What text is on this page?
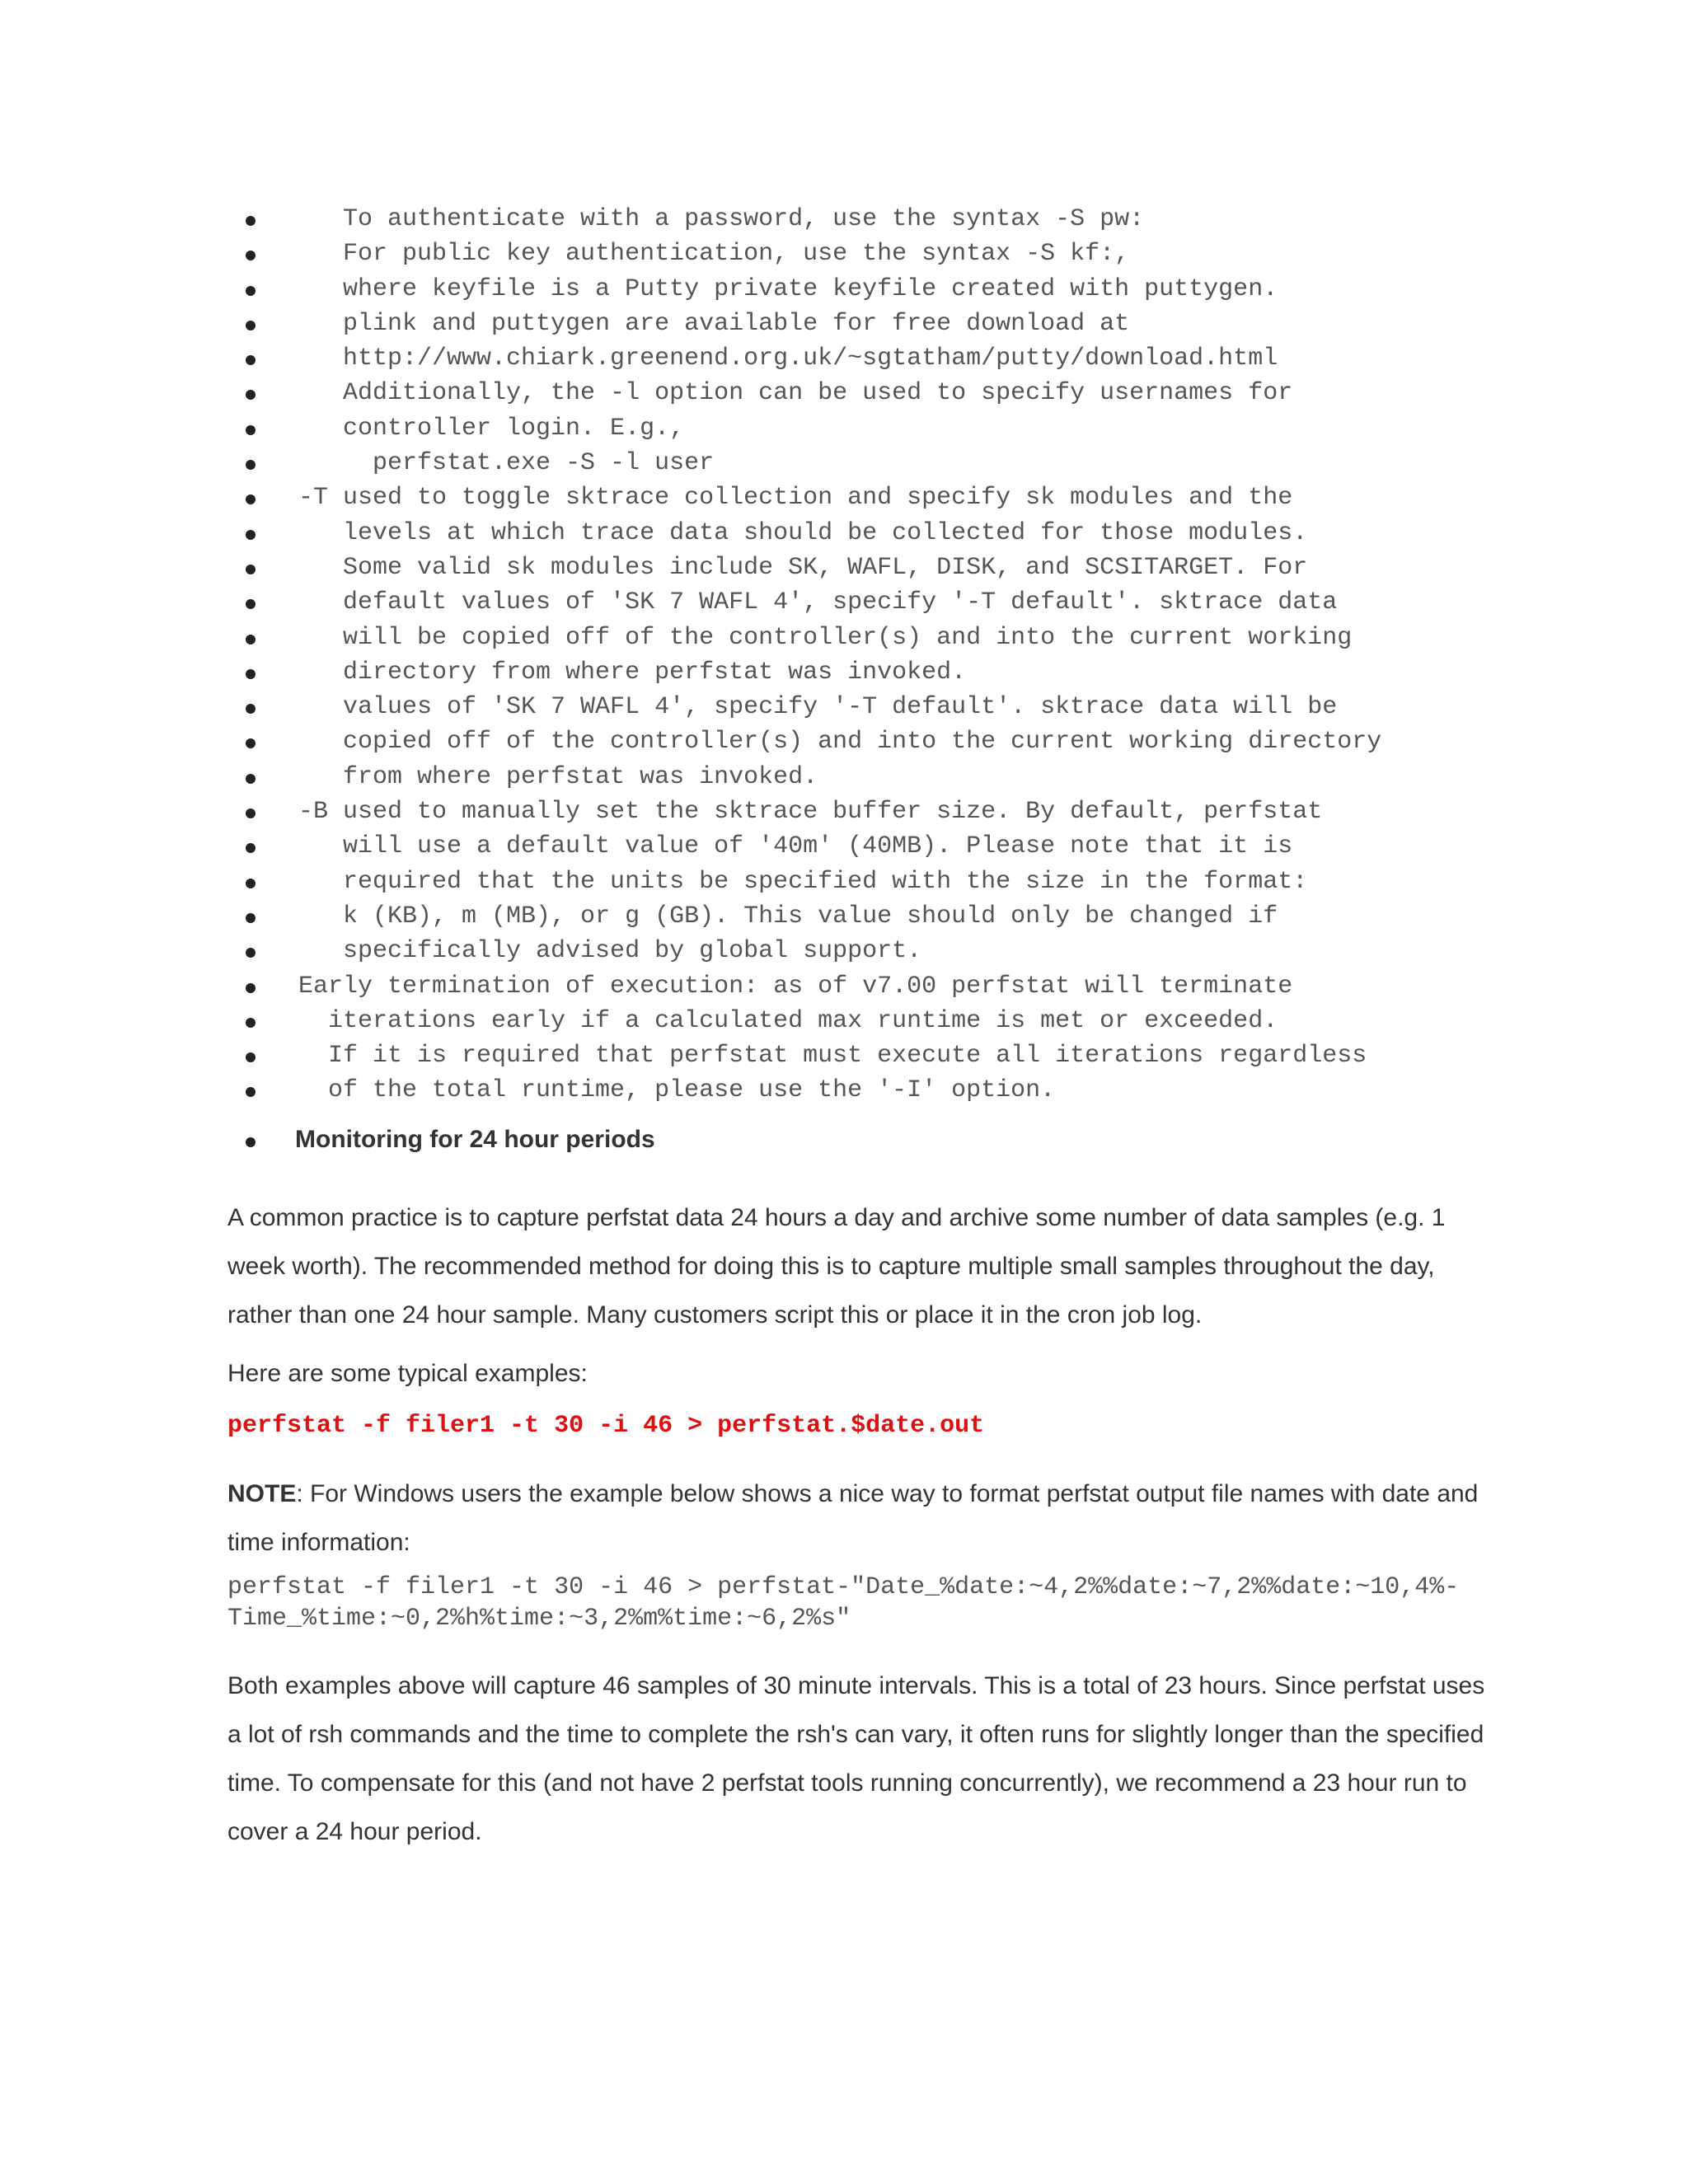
To authenticate with a password, use the syntax -S pw:
For public key authentication, use the syntax -S kf:,
where keyfile is a Putty private keyfile created with puttygen.
plink and puttygen are available for free download at
http://www.chiark.greenend.org.uk/~sgtatham/putty/download.html
Additionally, the -l option can be used to specify usernames for
controller login. E.g.,
perfstat.exe -S -l user
-T used to toggle sktrace collection and specify sk modules and the
levels at which trace data should be collected for those modules.
Some valid sk modules include SK, WAFL, DISK, and SCSITARGET. For
default values of 'SK 7 WAFL 4', specify '-T default'. sktrace data
will be copied off of the controller(s) and into the current working
directory from where perfstat was invoked.
values of 'SK 7 WAFL 4', specify '-T default'. sktrace data will be
copied off of the controller(s) and into the current working directory
from where perfstat was invoked.
-B used to manually set the sktrace buffer size. By default, perfstat
will use a default value of '40m' (40MB). Please note that it is
required that the units be specified with the size in the format:
k (KB), m (MB), or g (GB). This value should only be changed if
specifically advised by global support.
Early termination of execution: as of v7.00 perfstat will terminate
iterations early if a calculated max runtime is met or exceeded.
If it is required that perfstat must execute all iterations regardless
of the total runtime, please use the '-I' option.
Monitoring for 24 hour periods

A common practice is to capture perfstat data 24 hours a day and archive some number of data samples (e.g. 1 week worth). The recommended method for doing this is to capture multiple small samples throughout the day, rather than one 24 hour sample. Many customers script this or place it in the cron job log.

Here are some typical examples:

perfstat -f filer1 -t 30 -i 46 > perfstat.$date.out

NOTE: For Windows users the example below shows a nice way to format perfstat output file names with date and time information:

perfstat -f filer1 -t 30 -i 46 > perfstat-"Date_%date:~4,2%%date:~7,2%%date:~10,4%-
Time_%time:~0,2%h%time:~3,2%m%time:~6,2%s"

Both examples above will capture 46 samples of 30 minute intervals. This is a total of 23 hours. Since perfstat uses a lot of rsh commands and the time to complete the rsh's can vary, it often runs for slightly longer than the specified time. To compensate for this (and not have 2 perfstat tools running concurrently), we recommend a 23 hour run to cover a 24 hour period.
